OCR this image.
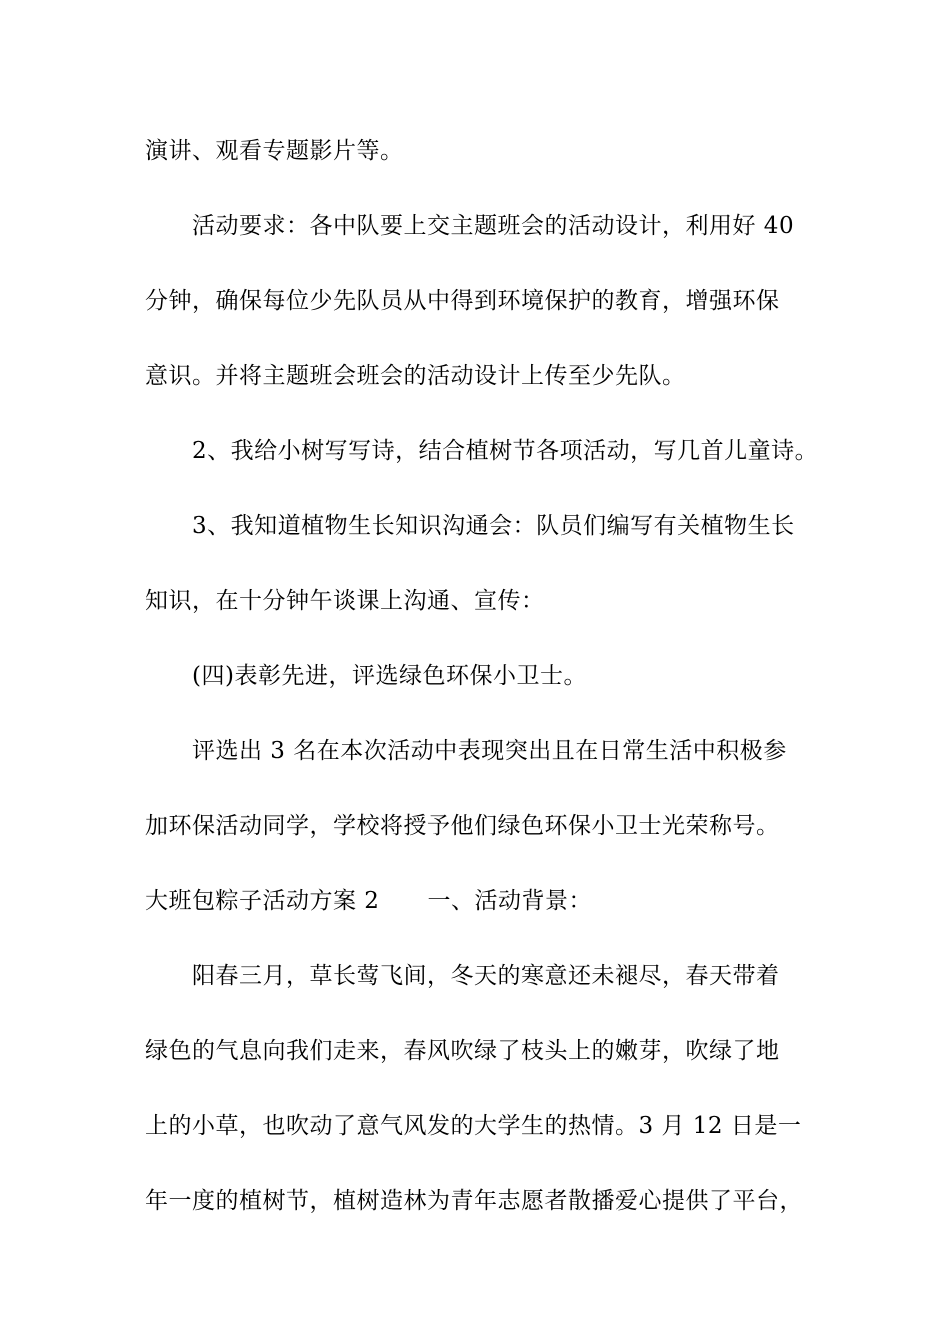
演讲、观看专题影片等。
活动要求：各中队要上交主题班会的活动设计，利用好 40
分钟，确保每位少先队员从中得到环境保护的教育，增强环保
意识。并将主题班会班会的活动设计上传至少先队。
2、我给小树写写诗，结合植树节各项活动，写几首儿童诗。
3、我知道植物生长知识沟通会：队员们编写有关植物生长
知识，在十分钟午谈课上沟通、宣传：
(四)表彰先进，评选绿色环保小卫士。
评选出 3 名在本次活动中表现突出且在日常生活中积极参
加环保活动同学，学校将授予他们绿色环保小卫士光荣称号。
大班包粽子活动方案 2 一、活动背景：
阳春三月，草长莺飞间，冬天的寒意还未褪尽，春天带着
绿色的气息向我们走来，春风吹绿了枝头上的嫩芽，吹绿了地
上的小草，也吹动了意气风发的大学生的热情。3 月 12 日是一
年一度的植树节，植树造林为青年志愿者散播爱心提供了平台，
